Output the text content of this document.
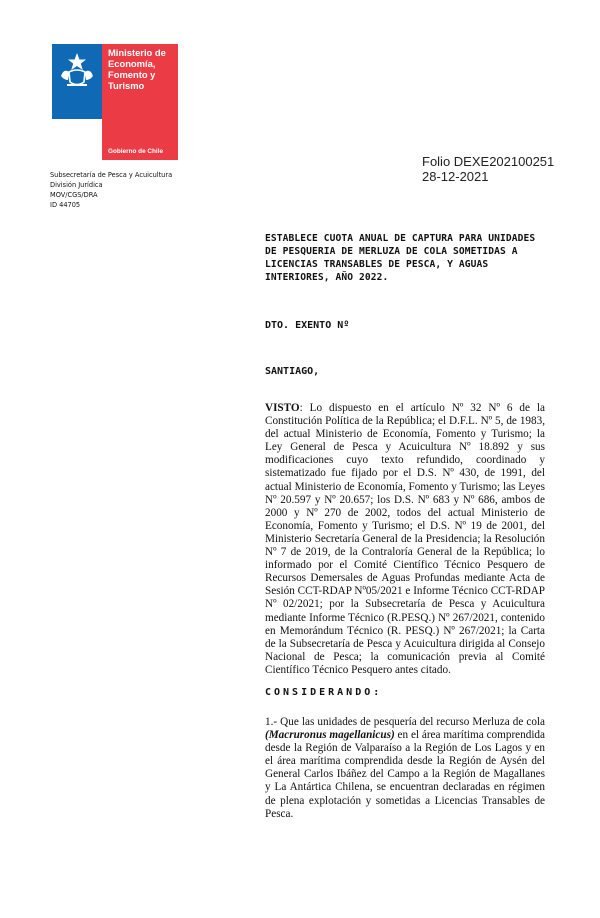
Ministerio de
Economía,
Fomento y
Turismo
Gobierno de Chile
Subsecretaría de Pesca y Acuicultura
División Jurídica
MOV/CGS/DRA
ID 44705
Folio DEXE202100251
28-12-2021
ESTABLECE CUOTA ANUAL DE CAPTURA PARA UNIDADES DE PESQUERIA DE MERLUZA DE COLA SOMETIDAS A LICENCIAS TRANSABLES DE PESCA, Y AGUAS INTERIORES, AÑO 2022.
DTO. EXENTO Nº
SANTIAGO,
VISTO: Lo dispuesto en el artículo Nº 32 Nº 6 de la Constitución Política de la República; el D.F.L. Nº 5, de 1983, del actual Ministerio de Economía, Fomento y Turismo; la Ley General de Pesca y Acuicultura Nº 18.892 y sus modificaciones cuyo texto refundido, coordinado y sistematizado fue fijado por el D.S. Nº 430, de 1991, del actual Ministerio de Economía, Fomento y Turismo; las Leyes Nº 20.597 y Nº 20.657; los D.S. Nº 683 y Nº 686, ambos de 2000 y Nº 270 de 2002, todos del actual Ministerio de Economía, Fomento y Turismo; el D.S. Nº 19 de 2001, del Ministerio Secretaría General de la Presidencia; la Resolución Nº 7 de 2019, de la Contraloría General de la República; lo informado por el Comité Científico Técnico Pesquero de Recursos Demersales de Aguas Profundas mediante Acta de Sesión CCT-RDAP Nº05/2021 e Informe Técnico CCT-RDAP Nº 02/2021; por la Subsecretaría de Pesca y Acuicultura mediante Informe Técnico (R.PESQ.) Nº 267/2021, contenido en Memorándum Técnico (R. PESQ.) Nº 267/2021; la Carta de la Subsecretaría de Pesca y Acuicultura dirigida al Consejo Nacional de Pesca; la comunicación previa al Comité Científico Técnico Pesquero antes citado.
CONSIDERANDO:
1.- Que las unidades de pesquería del recurso Merluza de cola (Macruronus magellanicus) en el área marítima comprendida desde la Región de Valparaíso a la Región de Los Lagos y en el área marítima comprendida desde la Región de Aysén del General Carlos Ibáñez del Campo a la Región de Magallanes y La Antártica Chilena, se encuentran declaradas en régimen de plena explotación y sometidas a Licencias Transables de Pesca.
